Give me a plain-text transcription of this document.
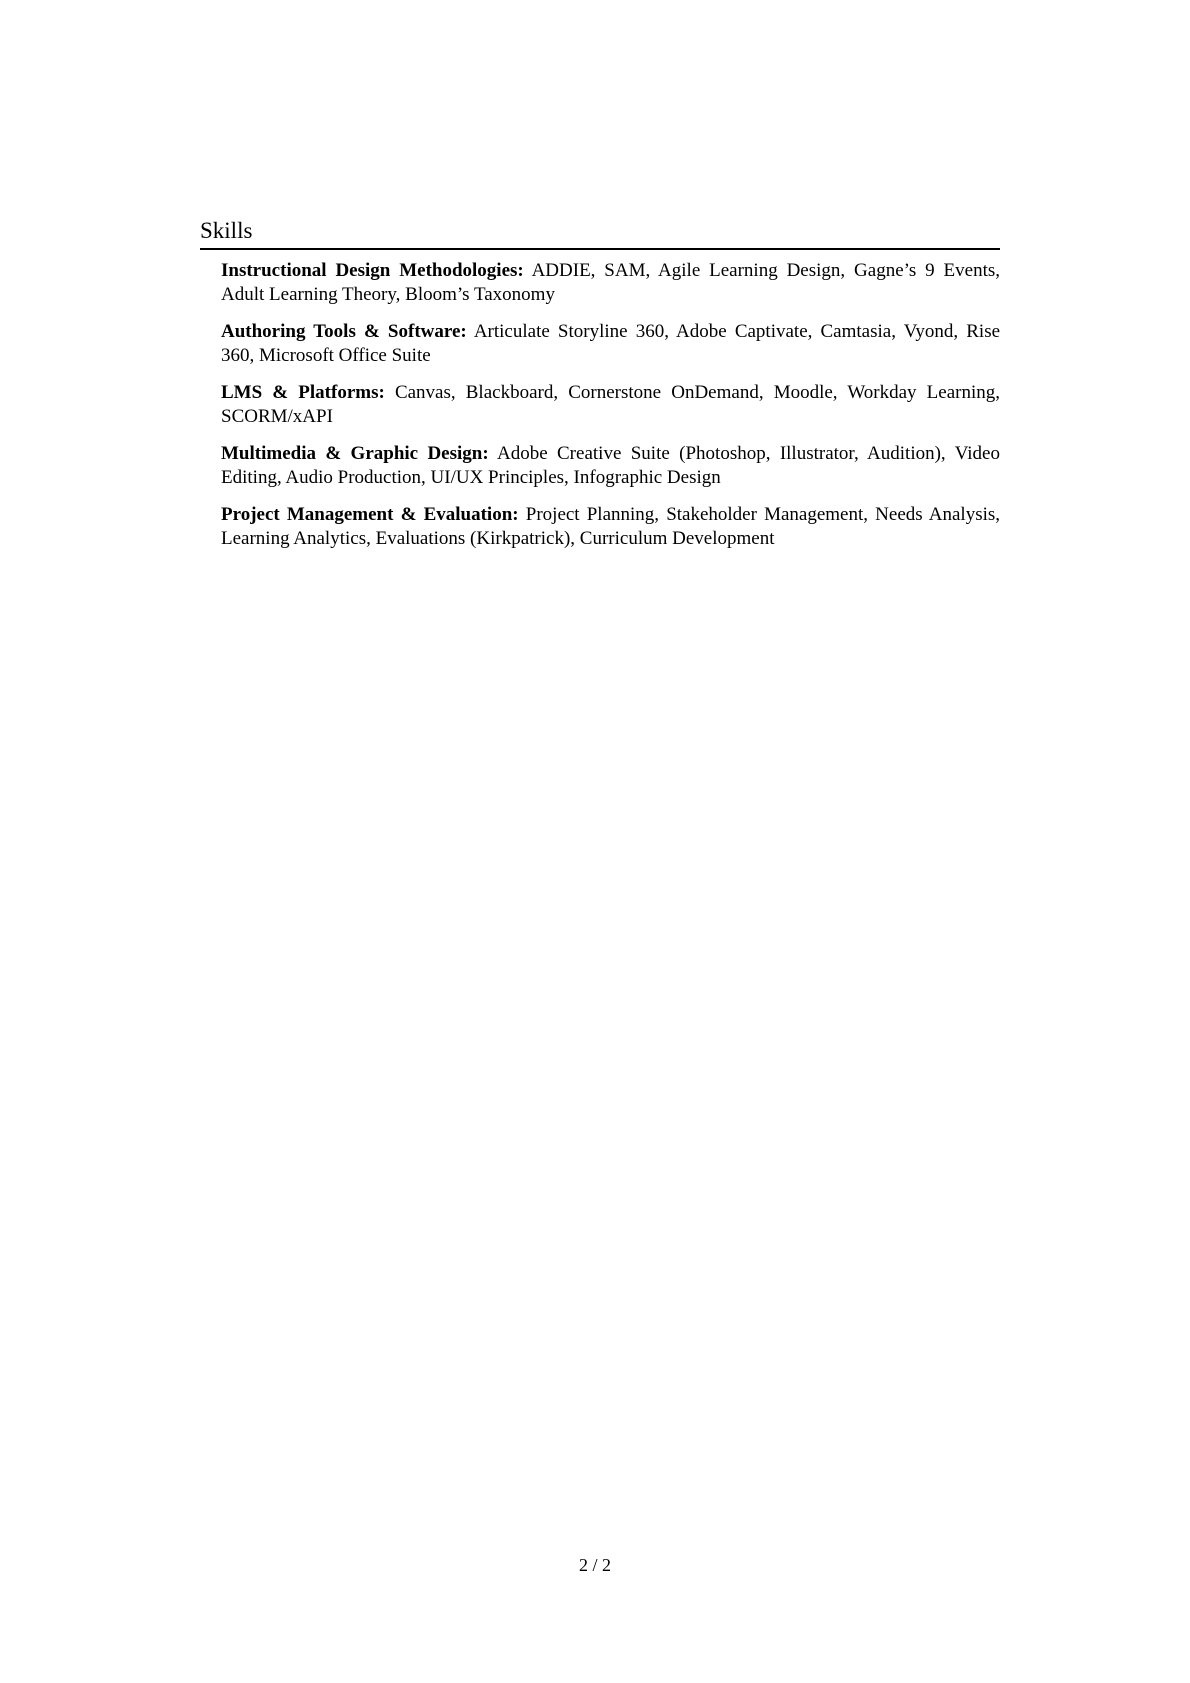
Skills
Instructional Design Methodologies: ADDIE, SAM, Agile Learning Design, Gagne’s 9 Events, Adult Learning Theory, Bloom’s Taxonomy
Authoring Tools & Software: Articulate Storyline 360, Adobe Captivate, Camtasia, Vyond, Rise 360, Microsoft Office Suite
LMS & Platforms: Canvas, Blackboard, Cornerstone OnDemand, Moodle, Workday Learning, SCORM/xAPI
Multimedia & Graphic Design: Adobe Creative Suite (Photoshop, Illustrator, Audition), Video Editing, Audio Production, UI/UX Principles, Infographic Design
Project Management & Evaluation: Project Planning, Stakeholder Management, Needs Analysis, Learning Analytics, Evaluations (Kirkpatrick), Curriculum Development
2 / 2
